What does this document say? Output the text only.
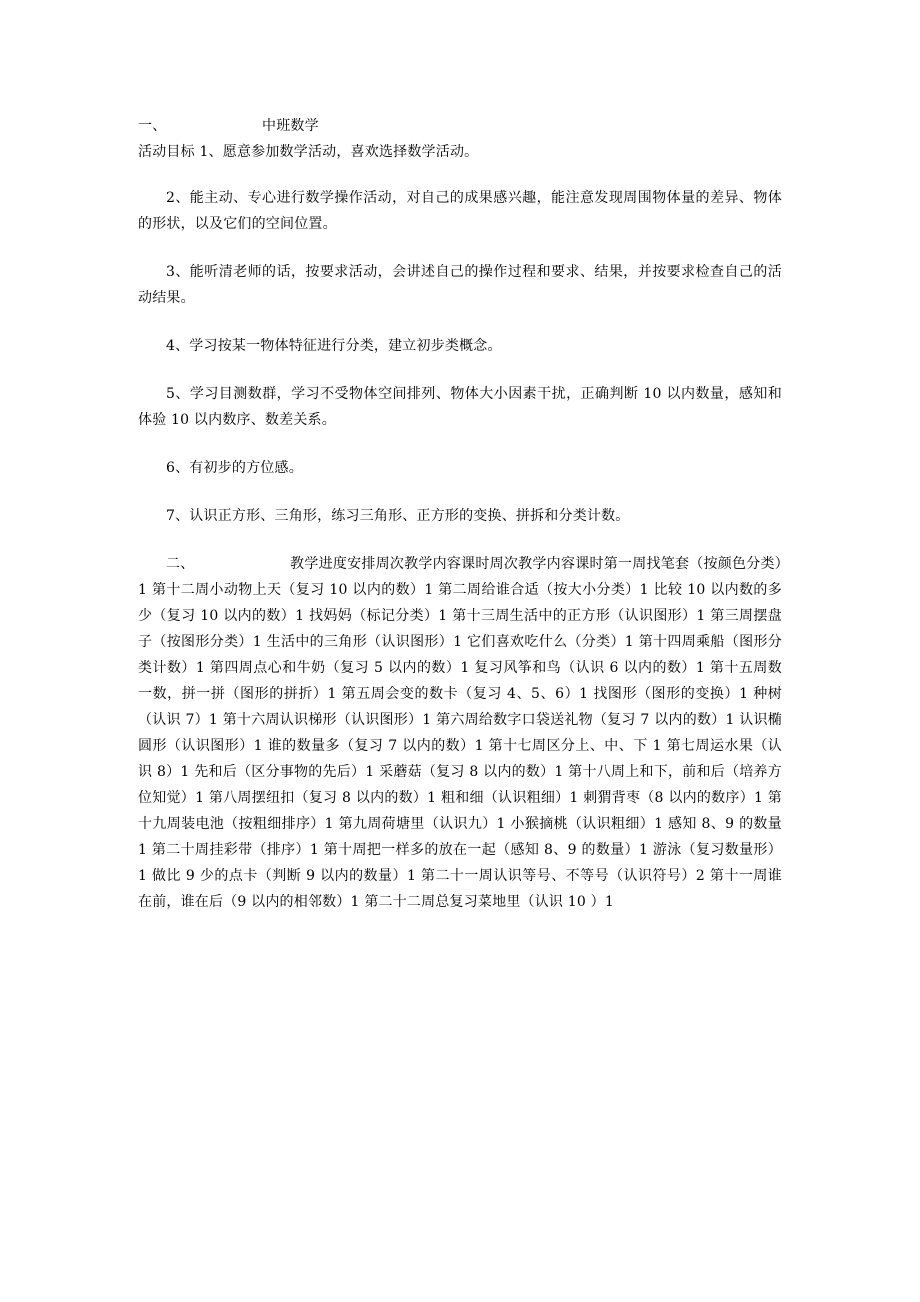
一、	中班数学

活动目标 1、愿意参加数学活动，喜欢选择数学活动。

2、能主动、专心进行数学操作活动，对自己的成果感兴趣，能注意发现周围物体量的差异、物体的形状，以及它们的空间位置。

3、能听清老师的话，按要求活动，会讲述自己的操作过程和要求、结果，并按要求检查自己的活动结果。

4、学习按某一物体特征进行分类，建立初步类概念。

5、学习目测数群，学习不受物体空间排列、物体大小因素干扰，正确判断 10 以内数量，感知和体验 10 以内数序、数差关系。

6、有初步的方位感。

7、认识正方形、三角形，练习三角形、正方形的变换、拼拆和分类计数。

二、	教学进度安排周次教学内容课时周次教学内容课时第一周找笔套（按颜色分类）1 第十二周小动物上天（复习 10 以内的数）1 第二周给谁合适（按大小分类）1 比较 10 以内数的多少（复习 10 以内的数）1 找妈妈（标记分类）1 第十三周生活中的正方形（认识图形）1 第三周摆盘子（按图形分类）1 生活中的三角形（认识图形）1 它们喜欢吃什么（分类）1 第十四周乘船（图形分类计数）1 第四周点心和牛奶（复习 5 以内的数）1 复习风筝和鸟（认识 6 以内的数）1 第十五周数一数，拼一拼（图形的拼折）1 第五周会变的数卡（复习 4、5、6）1 找图形（图形的变换）1 种树（认识 7）1 第十六周认识梯形（认识图形）1 第六周给数字口袋送礼物（复习 7 以内的数）1 认识椭圆形（认识图形）1 谁的数量多（复习 7 以内的数）1 第十七周区分上、中、下 1 第七周运水果（认识 8）1 先和后（区分事物的先后）1 采蘑菇（复习 8 以内的数）1 第十八周上和下，前和后（培养方位知觉）1 第八周摆纽扣（复习 8 以内的数）1 粗和细（认识粗细）1 刺猬背枣（8 以内的数序）1 第十九周装电池（按粗细排序）1 第九周荷塘里（认识九）1 小猴摘桃（认识粗细）1 感知 8、9 的数量 1 第二十周挂彩带（排序）1 第十周把一样多的放在一起（感知 8、9 的数量）1 游泳（复习数量形）1 做比 9 少的点卡（判断 9 以内的数量）1 第二十一周认识等号、不等号（认识符号）2 第十一周谁在前，谁在后（9 以内的相邻数）1 第二十二周总复习菜地里（认识 10 ）1
